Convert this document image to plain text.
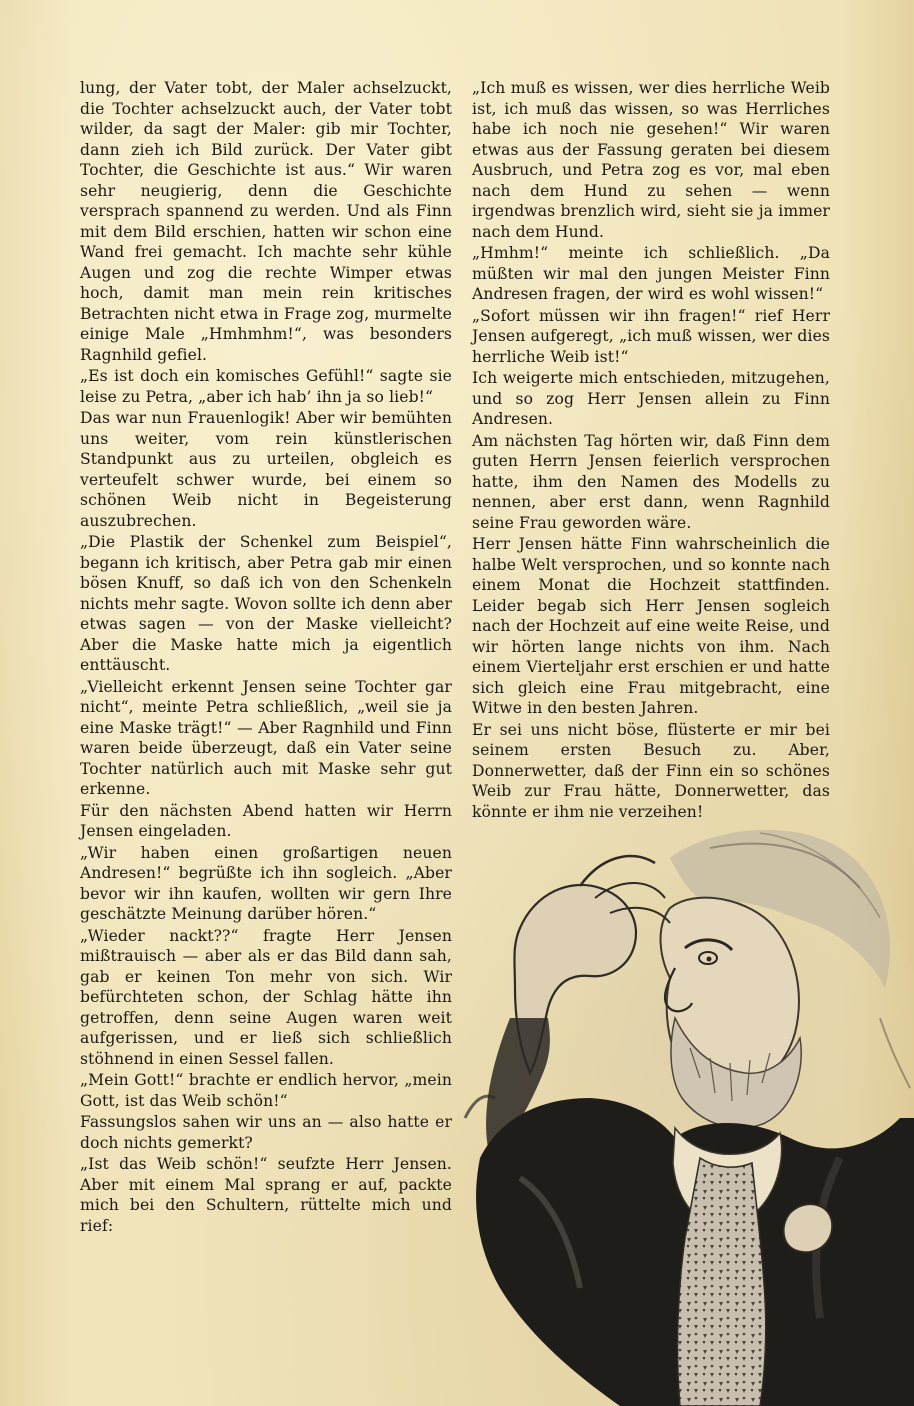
lung, der Vater tobt, der Maler achselzuckt, die Tochter achselzuckt auch, der Vater tobt wilder, da sagt der Maler: gib mir Tochter, dann zieh ich Bild zurück. Der Vater gibt Tochter, die Geschichte ist aus.“ Wir waren sehr neugierig, denn die Geschichte versprach spannend zu werden. Und als Finn mit dem Bild erschien, hatten wir schon eine Wand frei gemacht. Ich machte sehr kühle Augen und zog die rechte Wimper etwas hoch, damit man mein rein kritisches Betrachten nicht etwa in Frage zog, murmelte einige Male „Hmhmhm!“, was besonders Ragnhild gefiel.

„Es ist doch ein komisches Gefühl!“ sagte sie leise zu Petra, „aber ich hab’ ihn ja so lieb!“

Das war nun Frauenlogik! Aber wir bemühten uns weiter, vom rein künstlerischen Standpunkt aus zu urteilen, obgleich es verteufelt schwer wurde, bei einem so schönen Weib nicht in Begeisterung auszubrechen.

„Die Plastik der Schenkel zum Beispiel“, begann ich kritisch, aber Petra gab mir einen bösen Knuff, so daß ich von den Schenkeln nichts mehr sagte. Wovon sollte ich denn aber etwas sagen — von der Maske vielleicht? Aber die Maske hatte mich ja eigentlich enttäuscht.

„Vielleicht erkennt Jensen seine Tochter gar nicht“, meinte Petra schließlich, „weil sie ja eine Maske trägt!“ — Aber Ragnhild und Finn waren beide überzeugt, daß ein Vater seine Tochter natürlich auch mit Maske sehr gut erkenne.

Für den nächsten Abend hatten wir Herrn Jensen eingeladen.

„Wir haben einen großartigen neuen Andresen!“ begrüßte ich ihn sogleich. „Aber bevor wir ihn kaufen, wollten wir gern Ihre geschätzte Meinung darüber hören.“

„Wieder nackt??“ fragte Herr Jensen mißtrauisch — aber als er das Bild dann sah, gab er keinen Ton mehr von sich. Wir befürchteten schon, der Schlag hätte ihn getroffen, denn seine Augen waren weit aufgerissen, und er ließ sich schließlich stöhnend in einen Sessel fallen.

„Mein Gott!“ brachte er endlich hervor, „mein Gott, ist das Weib schön!“

Fassungslos sahen wir uns an — also hatte er doch nichts gemerkt?

„Ist das Weib schön!“ seufzte Herr Jensen. Aber mit einem Mal sprang er auf, packte mich bei den Schultern, rüttelte mich und rief:

„Ich muß es wissen, wer dies herrliche Weib ist, ich muß das wissen, so was Herrliches habe ich noch nie gesehen!“ Wir waren etwas aus der Fassung geraten bei diesem Ausbruch, und Petra zog es vor, mal eben nach dem Hund zu sehen — wenn irgendwas brenzlich wird, sieht sie ja immer nach dem Hund.

„Hmhm!“ meinte ich schließlich. „Da müßten wir mal den jungen Meister Finn Andresen fragen, der wird es wohl wissen!“

„Sofort müssen wir ihn fragen!“ rief Herr Jensen aufgeregt, „ich muß wissen, wer dies herrliche Weib ist!“

Ich weigerte mich entschieden, mitzugehen, und so zog Herr Jensen allein zu Finn Andresen.

Am nächsten Tag hörten wir, daß Finn dem guten Herrn Jensen feierlich versprochen hatte, ihm den Namen des Modells zu nennen, aber erst dann, wenn Ragnhild seine Frau geworden wäre.

Herr Jensen hätte Finn wahrscheinlich die halbe Welt versprochen, und so konnte nach einem Monat die Hochzeit stattfinden. Leider begab sich Herr Jensen sogleich nach der Hochzeit auf eine weite Reise, und wir hörten lange nichts von ihm. Nach einem Vierteljahr erst erschien er und hatte sich gleich eine Frau mitgebracht, eine Witwe in den besten Jahren.

Er sei uns nicht böse, flüsterte er mir bei seinem ersten Besuch zu. Aber, Donnerwetter, daß der Finn ein so schönes Weib zur Frau hätte, Donnerwetter, das könnte er ihm nie verzeihen!
